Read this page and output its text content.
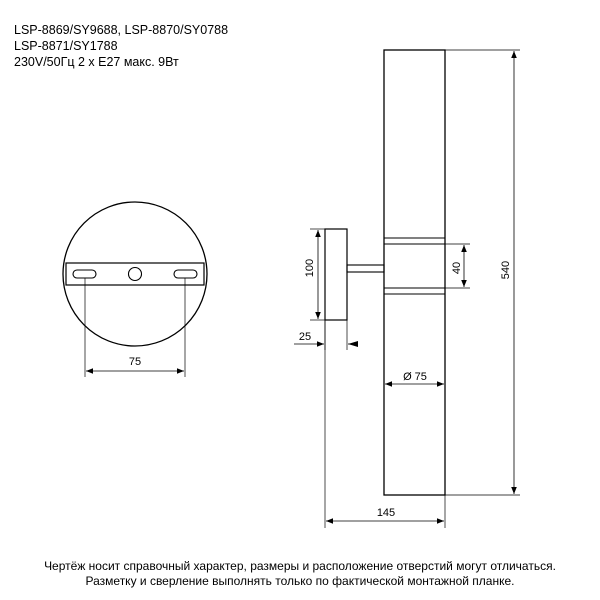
LSP-8869/SY9688, LSP-8870/SY0788
LSP-8871/SY1788
230V/50Гц 2 x E27 макс. 9Вт
75
100
25
40	540
Ø 75
145
Чертёж носит справочный характер, размеры и расположение отверстий могут отличаться.
Разметку и сверление выполнять только по фактической монтажной планке.
